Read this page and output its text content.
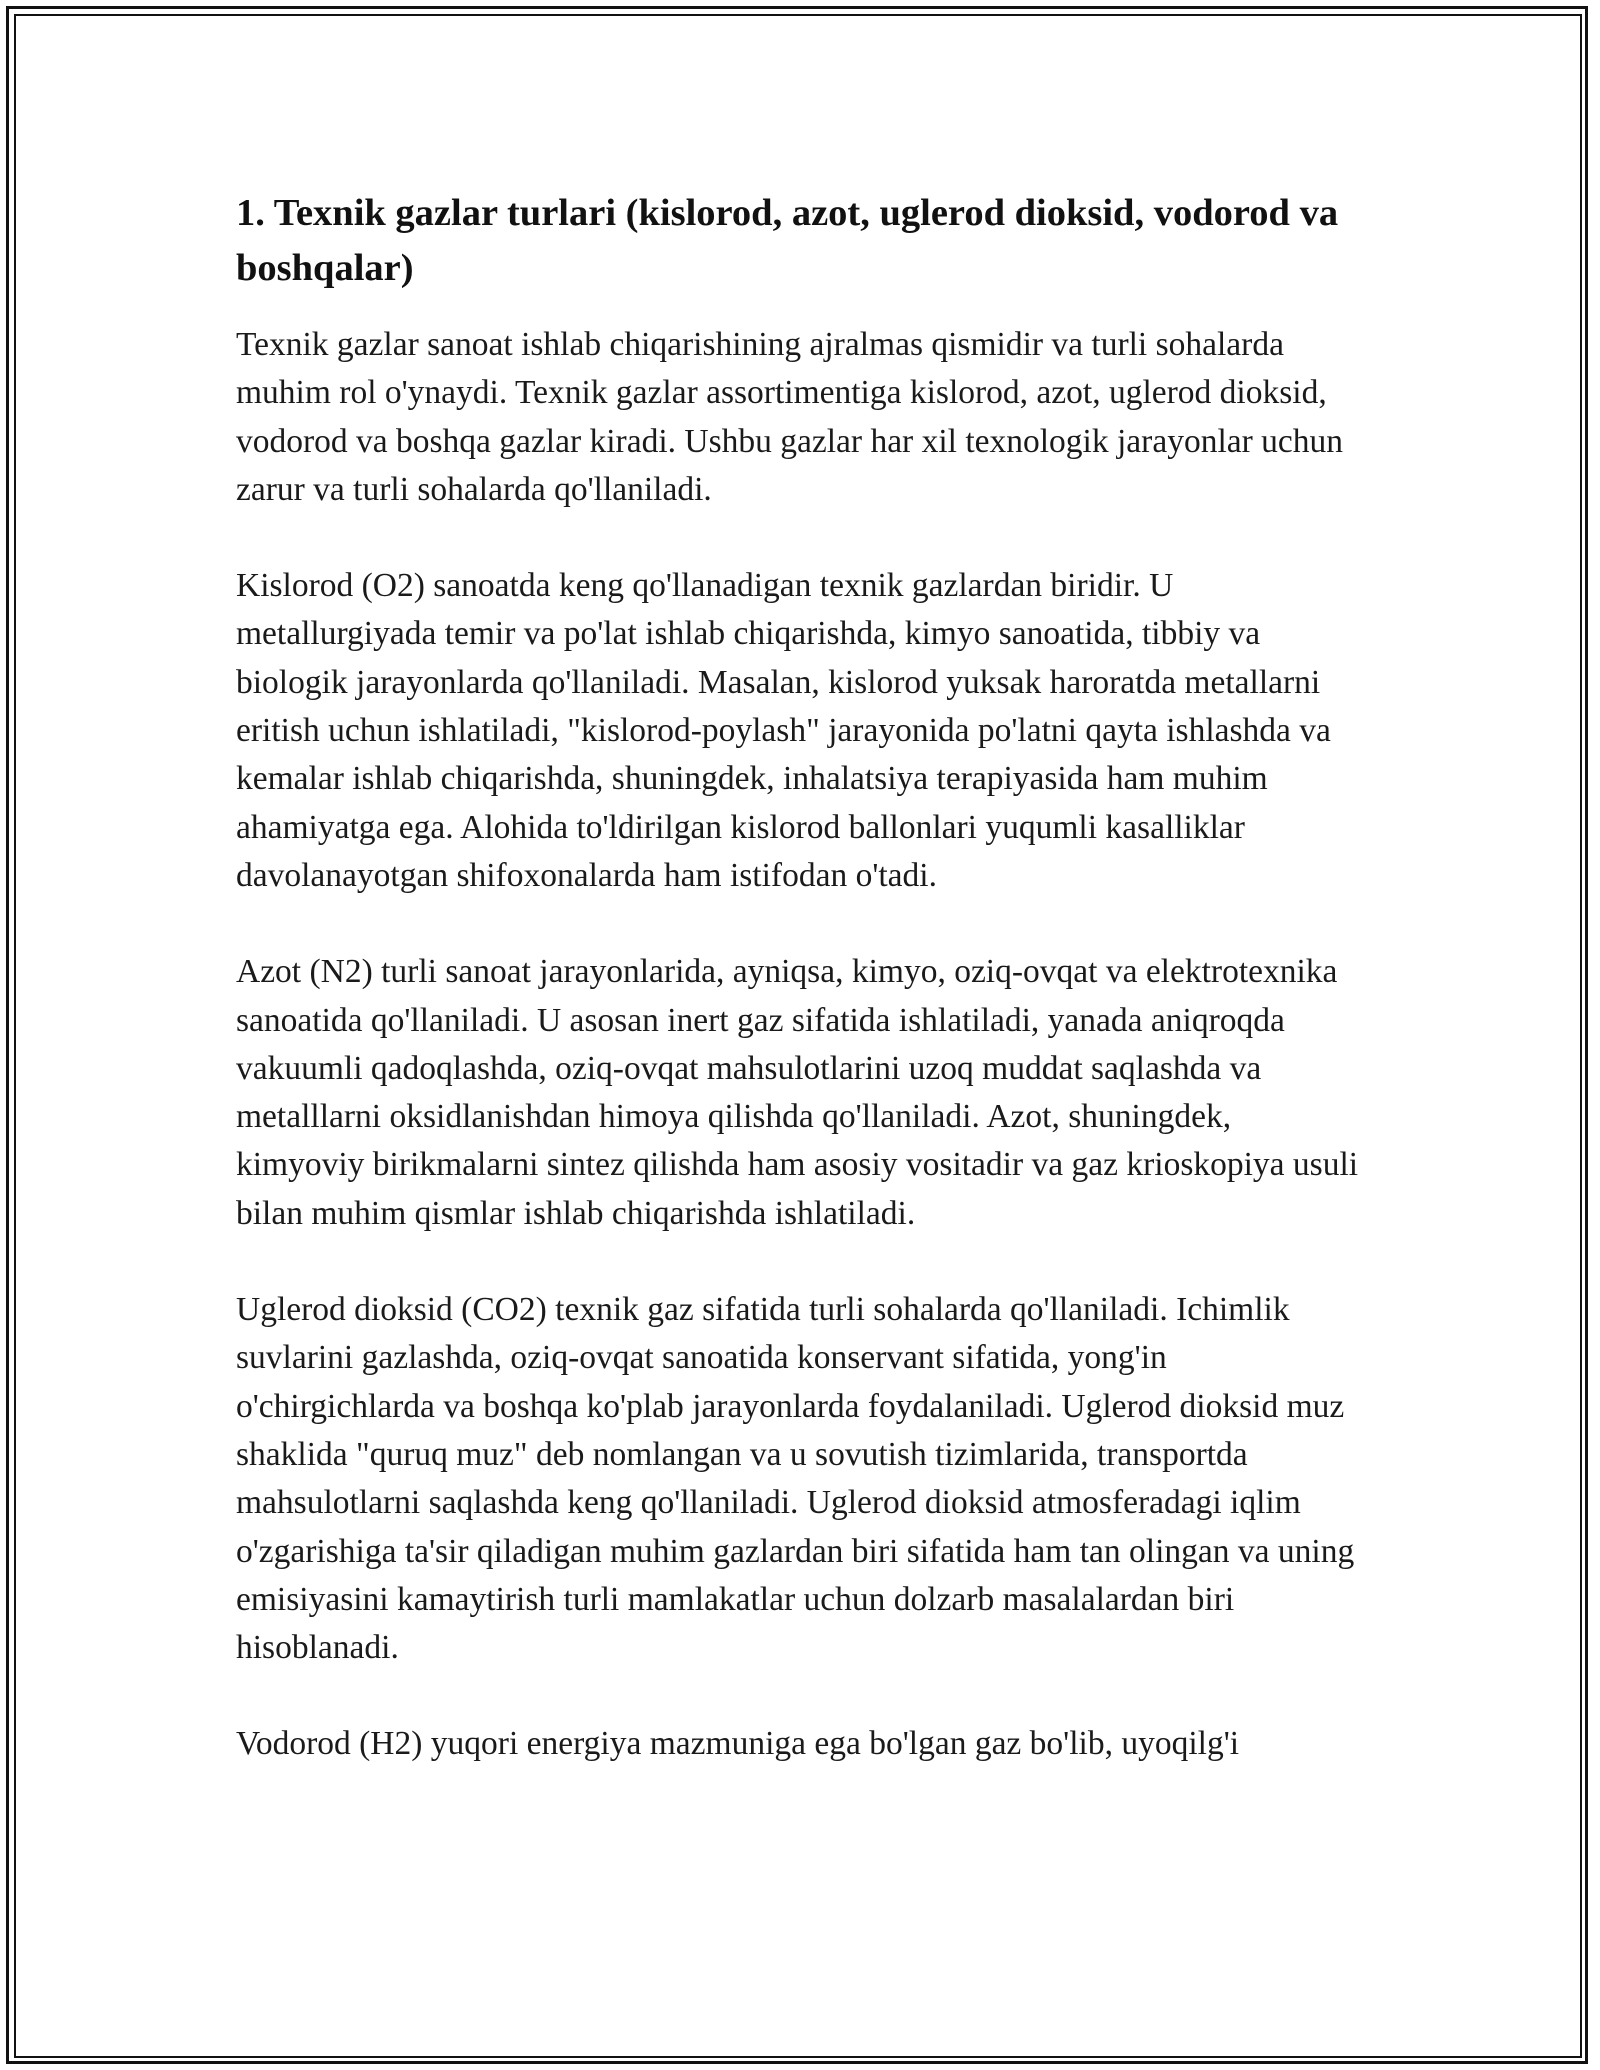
1. Texnik gazlar turlari (kislorod, azot, uglerod dioksid, vodorod va boshqalar)

Texnik gazlar sanoat ishlab chiqarishining ajralmas qismidir va turli sohalarda muhim rol o'ynaydi. Texnik gazlar assortimentiga kislorod, azot, uglerod dioksid, vodorod va boshqa gazlar kiradi. Ushbu gazlar har xil texnologik jarayonlar uchun zarur va turli sohalarda qo'llaniladi.

Kislorod (O2) sanoatda keng qo'llanadigan texnik gazlardan biridir. U metallurgiyada temir va po'lat ishlab chiqarishda, kimyo sanoatida, tibbiy va biologik jarayonlarda qo'llaniladi. Masalan, kislorod yuksak haroratda metallarni eritish uchun ishlatiladi, "kislorod-poylash" jarayonida po'latni qayta ishlashda va kemalar ishlab chiqarishda, shuningdek, inhalatsiya terapiyasida ham muhim ahamiyatga ega. Alohida to'ldirilgan kislorod ballonlari yuqumli kasalliklar davolanayotgan shifoxonalarda ham istifodan o'tadi.

Azot (N2) turli sanoat jarayonlarida, ayniqsa, kimyo, oziq-ovqat va elektrotexnika sanoatida qo'llaniladi. U asosan inert gaz sifatida ishlatiladi, yanada aniqroqda vakuumli qadoqlashda, oziq-ovqat mahsulotlarini uzoq muddat saqlashda va metalllarni oksidlanishdan himoya qilishda qo'llaniladi. Azot, shuningdek, kimyoviy birikmalarni sintez qilishda ham asosiy vositadir va gaz krioskopiya usuli bilan muhim qismlar ishlab chiqarishda ishlatiladi.

Uglerod dioksid (CO2) texnik gaz sifatida turli sohalarda qo'llaniladi. Ichimlik suvlarini gazlashda, oziq-ovqat sanoatida konservant sifatida, yong'in o'chirgichlarda va boshqa ko'plab jarayonlarda foydalaniladi. Uglerod dioksid muz shaklida "quruq muz" deb nomlangan va u sovutish tizimlarida, transportda mahsulotlarni saqlashda keng qo'llaniladi. Uglerod dioksid atmosferadagi iqlim o'zgarishiga ta'sir qiladigan muhim gazlardan biri sifatida ham tan olingan va uning emisiyasini kamaytirish turli mamlakatlar uchun dolzarb masalalardan biri hisoblanadi.

Vodorod (H2) yuqori energiya mazmuniga ega bo'lgan gaz bo'lib, uyoqilg'i
